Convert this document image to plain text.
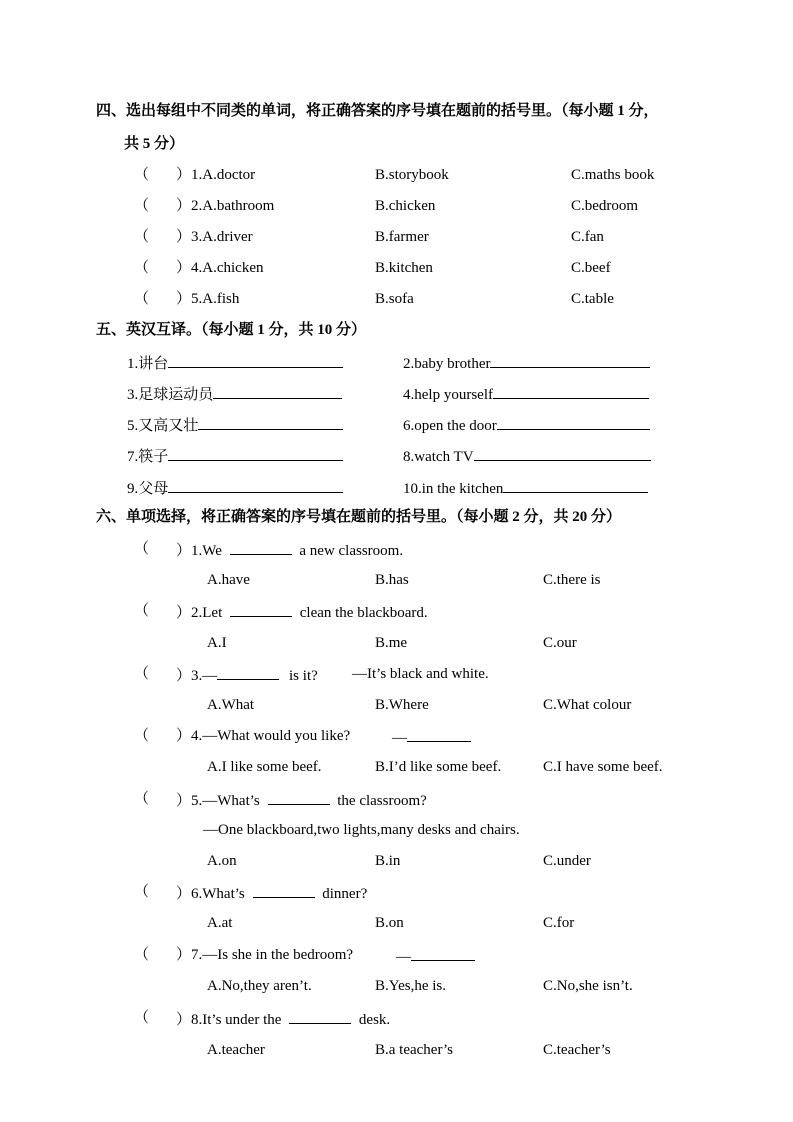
四、选出每组中不同类的单词，将正确答案的序号填在题前的括号里。（每小题 1 分，
共 5 分）
（ ）1.A.doctor	B.storybook	C.maths book
（ ）2.A.bathroom	B.chicken	C.bedroom
（ ）3.A.driver	B.farmer	C.fan
（ ）4.A.chicken	B.kitchen	C.beef
（ ）5.A.fish	B.sofa	C.table
五、英汉互译。（每小题 1 分，共 10 分）
1.讲台	2.baby brother
3.足球运动员	4.help yourself
5.又高又壮	6.open the door
7.筷子	8.watch TV
9.父母	10.in the kitchen
六、单项选择，将正确答案的序号填在题前的括号里。（每小题 2 分，共 20 分）
（ ）1.We	a new classroom.
A.have	B.has	C.there is
（ ）2.Let	clean the blackboard.
A.I	B.me	C.our
（ ）3.—	is it? —It’s black and white.
A.What	B.Where	C.What colour
（ ）4.—What would you like?	—
A.I like some beef.	B.I’d like some beef.	C.I have some beef.
（ ）5.—What’s	the classroom?
—One blackboard,two lights,many desks and chairs.
A.on	B.in	C.under
（ ）6.What’s	dinner?
A.at	B.on	C.for
（ ）7.—Is she in the bedroom?	—
A.No,they aren’t.	B.Yes,he is.	C.No,she isn’t.
（ ）8.It’s under the	desk.
A.teacher	B.a teacher’s	C.teacher’s
